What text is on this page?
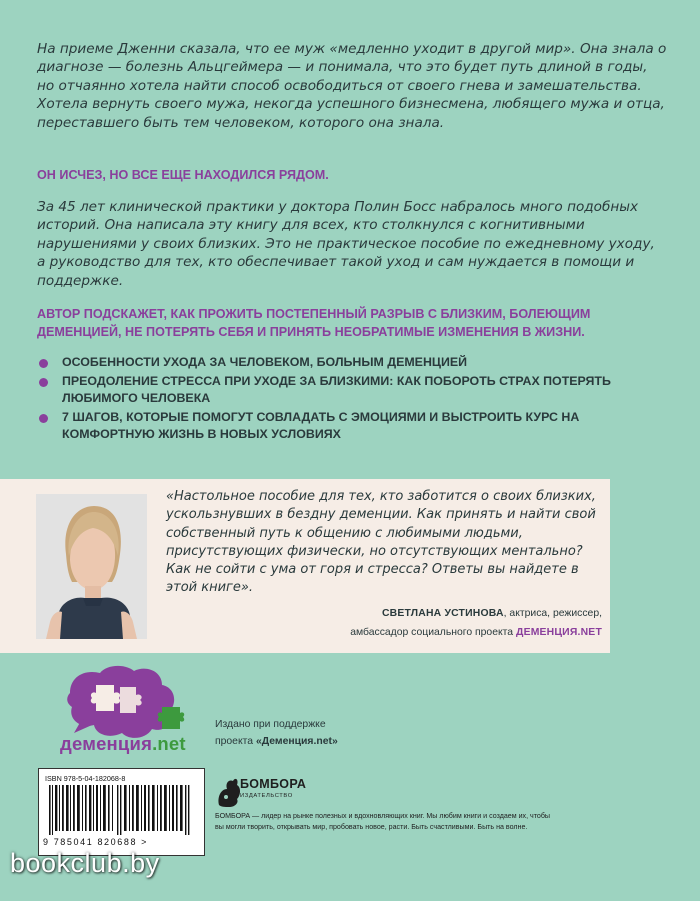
На приеме Дженни сказала, что ее муж «медленно уходит в другой мир». Она знала о диагнозе — болезнь Альцгеймера — и понимала, что это будет путь длиной в годы, но отчаянно хотела найти способ освободиться от своего гнева и замешательства. Хотела вернуть своего мужа, некогда успешного бизнесмена, любящего мужа и отца, переставшего быть тем человеком, которого она знала.

ОН ИСЧЕЗ, НО ВСЕ ЕЩЕ НАХОДИЛСЯ РЯДОМ.

За 45 лет клинической практики у доктора Полин Босс набралось много подобных историй. Она написала эту книгу для всех, кто столкнулся с когнитивными нарушениями у своих близких. Это не практическое пособие по ежедневному уходу, а руководство для тех, кто обеспечивает такой уход и сам нуждается в помощи и поддержке.

АВТОР ПОДСКАЖЕТ, КАК ПРОЖИТЬ ПОСТЕПЕННЫЙ РАЗРЫВ С БЛИЗКИМ, БОЛЕЮЩИМ ДЕМЕНЦИЕЙ, НЕ ПОТЕРЯТЬ СЕБЯ И ПРИНЯТЬ НЕОБРАТИМЫЕ ИЗМЕНЕНИЯ В ЖИЗНИ.

ОСОБЕННОСТИ УХОДА ЗА ЧЕЛОВЕКОМ, БОЛЬНЫМ ДЕМЕНЦИЕЙ
ПРЕОДОЛЕНИЕ СТРЕССА ПРИ УХОДЕ ЗА БЛИЗКИМИ: КАК ПОБОРОТЬ СТРАХ ПОТЕРЯТЬ ЛЮБИМОГО ЧЕЛОВЕКА
7 ШАГОВ, КОТОРЫЕ ПОМОГУТ СОВЛАДАТЬ С ЭМОЦИЯМИ И ВЫСТРОИТЬ КУРС НА КОМФОРТНУЮ ЖИЗНЬ В НОВЫХ УСЛОВИЯХ

«Настольное пособие для тех, кто заботится о своих близких, ускользнувших в бездну деменции. Как принять и найти свой собственный путь к общению с любимыми людьми, присутствующих физически, но отсутствующих ментально? Как не сойти с ума от горя и стресса? Ответы вы найдете в этой книге».

СВЕТЛАНА УСТИНОВА, актриса, режиссер,
амбассадор социального проекта ДЕМЕНЦИЯ.NET
деменция.net
Издано при поддержке
проекта «Деменция.net»
ISBN 978-5-04-182068-8
9 785041 820688 >
БОМБОРА
ИЗДАТЕЛЬСТВО

БОМБОРА — лидер на рынке полезных и вдохновляющих книг. Мы любим книги и создаем их, чтобы вы могли творить, открывать мир, пробовать новое, расти. Быть счастливыми. Быть на волне.

bookclub.by
